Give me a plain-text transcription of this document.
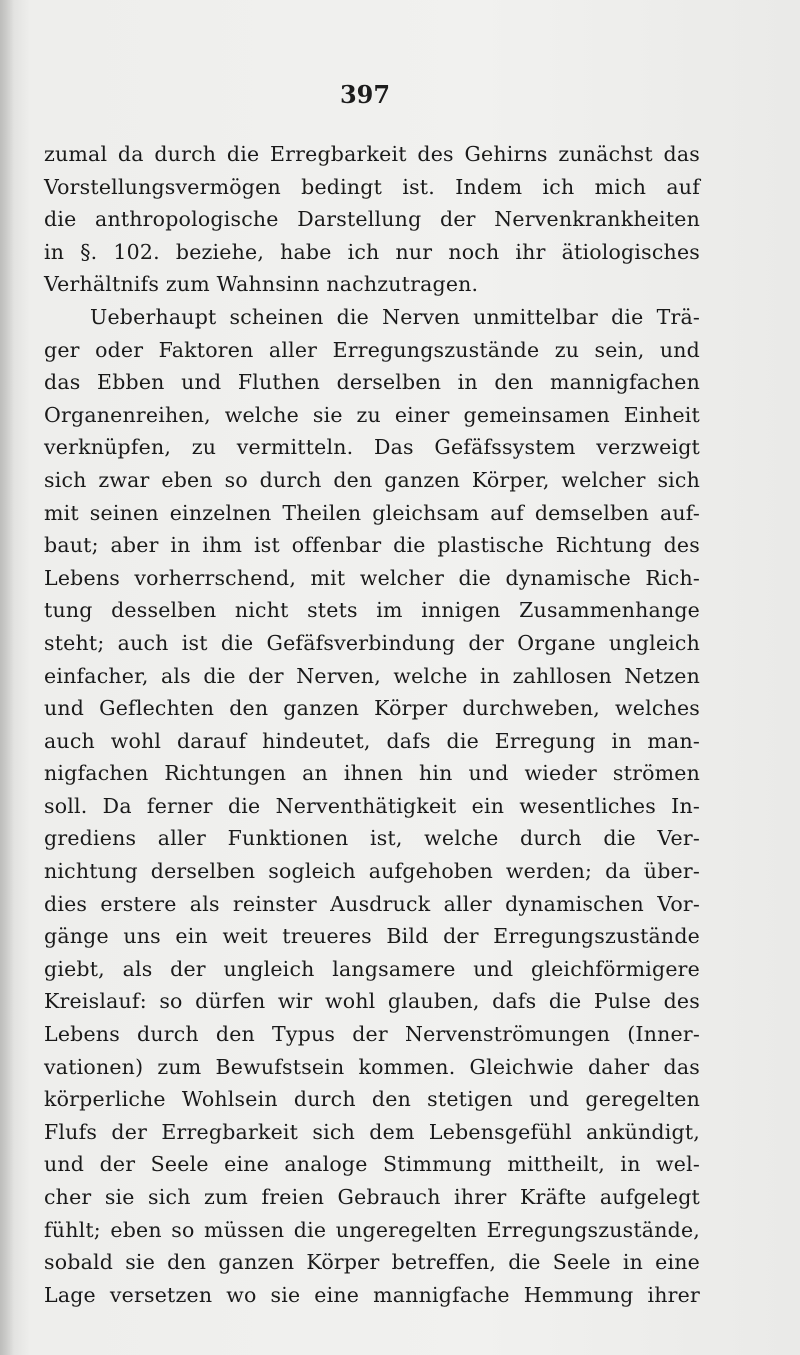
397
zumal da durch die Erregbarkeit des Gehirns zunächst das
Vorstellungsvermögen bedingt ist. Indem ich mich auf
die anthropologische Darstellung der Nervenkrankheiten
in §. 102. beziehe, habe ich nur noch ihr ätiologisches
Verhältnifs zum Wahnsinn nachzutragen.
Ueberhaupt scheinen die Nerven unmittelbar die Trä-
ger oder Faktoren aller Erregungszustände zu sein, und
das Ebben und Fluthen derselben in den mannigfachen
Organenreihen, welche sie zu einer gemeinsamen Einheit
verknüpfen, zu vermitteln. Das Gefäfssystem verzweigt
sich zwar eben so durch den ganzen Körper, welcher sich
mit seinen einzelnen Theilen gleichsam auf demselben auf-
baut; aber in ihm ist offenbar die plastische Richtung des
Lebens vorherrschend, mit welcher die dynamische Rich-
tung desselben nicht stets im innigen Zusammenhange
steht; auch ist die Gefäfsverbindung der Organe ungleich
einfacher, als die der Nerven, welche in zahllosen Netzen
und Geflechten den ganzen Körper durchweben, welches
auch wohl darauf hindeutet, dafs die Erregung in man-
nigfachen Richtungen an ihnen hin und wieder strömen
soll. Da ferner die Nerventhätigkeit ein wesentliches In-
grediens aller Funktionen ist, welche durch die Ver-
nichtung derselben sogleich aufgehoben werden; da über-
dies erstere als reinster Ausdruck aller dynamischen Vor-
gänge uns ein weit treueres Bild der Erregungszustände
giebt, als der ungleich langsamere und gleichförmigere
Kreislauf: so dürfen wir wohl glauben, dafs die Pulse des
Lebens durch den Typus der Nervenströmungen (Inner-
vationen) zum Bewufstsein kommen. Gleichwie daher das
körperliche Wohlsein durch den stetigen und geregelten
Flufs der Erregbarkeit sich dem Lebensgefühl ankündigt,
und der Seele eine analoge Stimmung mittheilt, in wel-
cher sie sich zum freien Gebrauch ihrer Kräfte aufgelegt
fühlt; eben so müssen die ungeregelten Erregungszustände,
sobald sie den ganzen Körper betreffen, die Seele in eine
Lage versetzen wo sie eine mannigfache Hemmung ihrer
